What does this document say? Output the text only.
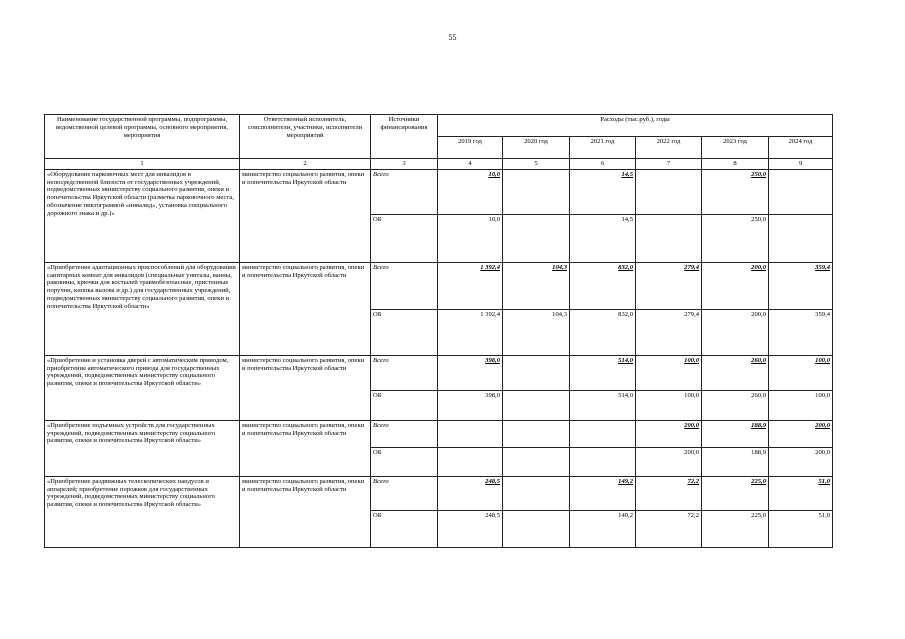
55
Наименование государственной программы, подпрограммы, ведомственной целевой программы, основного мероприятия, мероприятия	Ответственный исполнитель, соисполнители, участники, исполнители мероприятий	Источники финансирования	Расходы (тыс.руб.), годы					
			2019 год	2020 год	2021 год	2022 год	2023 год	2024 год
1	2	3	4	5	6	7	8	9
«Оборудование парковочных мест для инвалидов в непосредственной близости от государственных учреждений, подведомственных министерству социального развития, опеки и попечительства Иркутской области (разметка парковочного места, обозначение пиктограммой «инвалид», установка специального дорожного знака и др.)»	министерство социального развития, опеки и попечительства Иркутской области	Всего	10,0		14,5		250,0	
		ОБ	10,0		14,5		250,0	
«Приобретение адаптационных приспособлений для оборудования санитарных комнат для инвалидов (специальные унитазы, ванны, раковины, крючки для костылей травмобезопасные, пристенные поручни, кнопка вызова и др.) для государственных учреждений, подведомственных министерству социального развития, опеки и попечительства Иркутской области»	министерство социального развития, опеки и попечительства Иркутской области	Всего	1 392,4	104,3	832,0	279,4	200,0	359,4
		ОБ	1 392,4	104,3	832,0	279,4	200,0	359,4
«Приобретение и установка дверей с автоматическим приводом, приобретение автоматического привода для государственных учреждений, подведомственных министерству социального развития, опеки и попечительства Иркутской области»	министерство социального развития, опеки и попечительства Иркутской области	Всего	398,0		514,0	100,0	260,0	100,0
		ОБ	398,0		514,0	100,0	260,0	100,0
«Приобретение подъемных устройств для государственных учреждений, подведомственных министерству социального развития, опеки и попечительства Иркутской области»	министерство социального развития, опеки и попечительства Иркутской области	Всего				200,0	188,9	200,0
		ОБ				200,0	188,9	200,0
«Приобретение раздвижных телескопических пандусов и аппарелей; приобретение порожков для государственных учреждений, подведомственных министерству социального развития, опеки и попечительства Иркутской области»	министерство социального развития, опеки и попечительства Иркутской области	Всего	248,5		149,2	72,2	225,0	51,0
		ОБ	248,5		149,2	72,2	225,0	51,0
